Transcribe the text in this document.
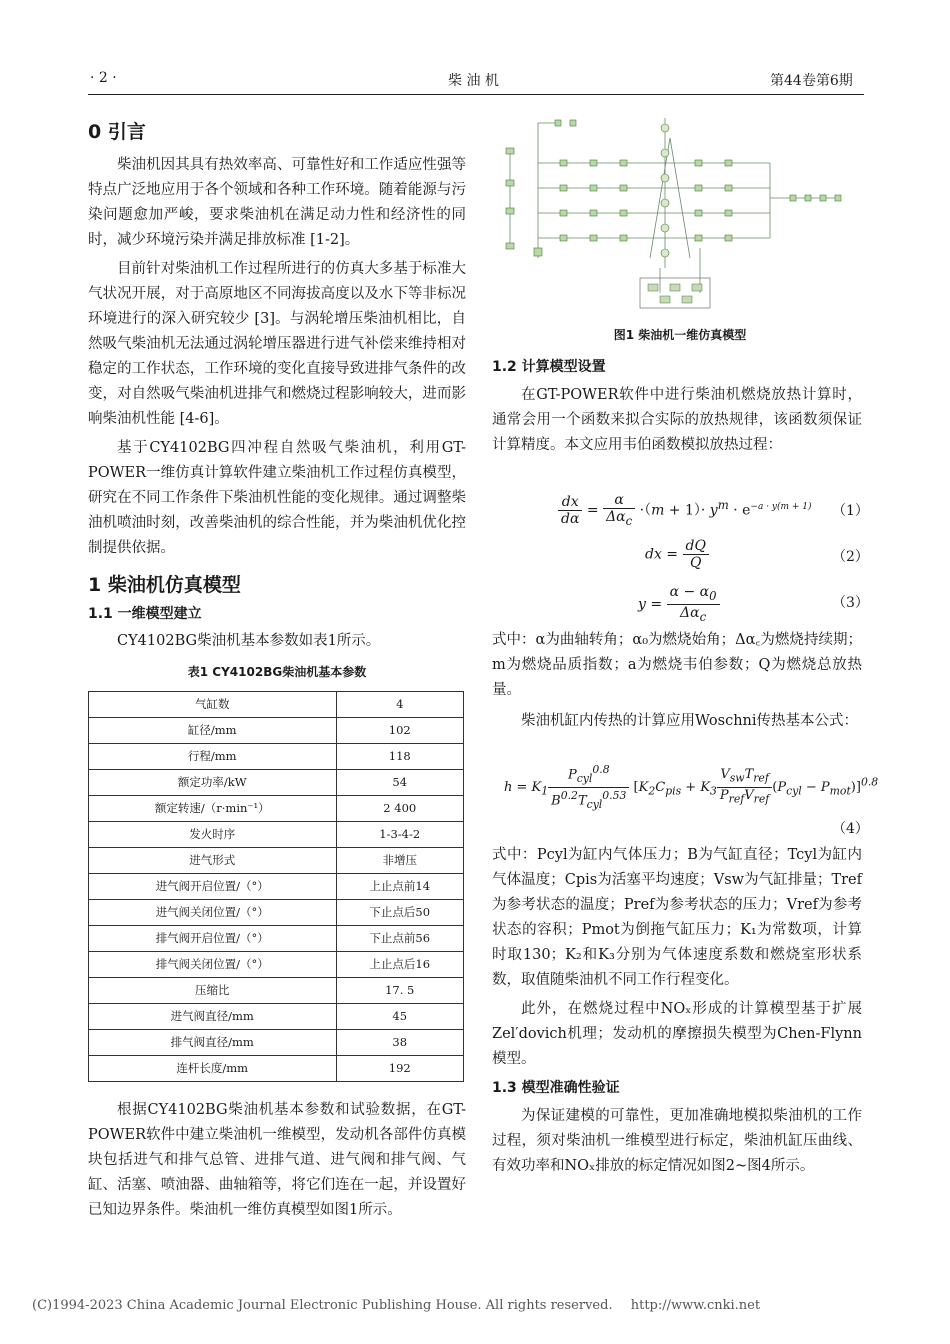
· 2 ·	柴 油 机	第44卷第6期
0 引言

柴油机因其具有热效率高、可靠性好和工作适应性强等特点广泛地应用于各个领域和各种工作环境。随着能源与污染问题愈加严峻，要求柴油机在满足动力性和经济性的同时，减少环境污染并满足排放标准 [1-2]。

目前针对柴油机工作过程所进行的仿真大多基于标准大气状况开展，对于高原地区不同海拔高度以及水下等非标况环境进行的深入研究较少 [3]。与涡轮增压柴油机相比，自然吸气柴油机无法通过涡轮增压器进行进气补偿来维持相对稳定的工作状态，工作环境的变化直接导致进排气条件的改变，对自然吸气柴油机进排气和燃烧过程影响较大，进而影响柴油机性能 [4-6]。

基于CY4102BG四冲程自然吸气柴油机，利用GT-POWER一维仿真计算软件建立柴油机工作过程仿真模型，研究在不同工作条件下柴油机性能的变化规律。通过调整柴油机喷油时刻，改善柴油机的综合性能，并为柴油机优化控制提供依据。

1 柴油机仿真模型
1.1 一维模型建立

CY4102BG柴油机基本参数如表1所示。

表1 CY4102BG柴油机基本参数
气缸数	4
缸径/mm	102
行程/mm	118
额定功率/kW	54
额定转速/（r·min⁻¹）	2 400
发火时序	1-3-4-2
进气形式	非增压
进气阀开启位置/（°）	上止点前14
进气阀关闭位置/（°）	下止点后50
排气阀开启位置/（°）	下止点前56
排气阀关闭位置/（°）	上止点后16
压缩比	17. 5
进气阀直径/mm	45
排气阀直径/mm	38
连杆长度/mm	192

根据CY4102BG柴油机基本参数和试验数据，在GT-POWER软件中建立柴油机一维模型，发动机各部件仿真模块包括进气和排气总管、进排气道、进气阀和排气阀、气缸、活塞、喷油器、曲轴箱等，将它们连在一起，并设置好已知边界条件。柴油机一维仿真模型如图1所示。

图1 柴油机一维仿真模型
1.2 计算模型设置

在GT-POWER软件中进行柴油机燃烧放热计算时，通常会用一个函数来拟合实际的放热规律，该函数须保证计算精度。本文应用韦伯函数模拟放热过程：

$\frac{dx}{d\alpha} = \frac{\alpha}{\Delta\alpha_c} \cdot(m + 1)\cdot y^m \cdot e^{-a \cdot y(m + 1)}$ （1）
dx = $\frac{dQ}{Q}$	（2）
$y = \frac{\alpha - \alpha_0}{\Delta\alpha_c}$	（3）

式中：α为曲轴转角；α₀为燃烧始角；Δα꜀为燃烧持续期；m为燃烧品质指数；a为燃烧韦伯参数；Q为燃烧总放热量。

柴油机缸内传热的计算应用Woschni传热基本公式：

$h = K_1 \frac{P_{cyl}^{0.8}}{B^{0.2}T_{cyl}^{0.53}} [K_2C_{pis} + K_3 \frac{V_{sw}T_{ref}}{P_{ref}V_{ref}} (P_{cyl} - P_{mot})]^{0.8}$
（4）

式中：Pcyl为缸内气体压力；B为气缸直径；Tcyl为缸内气体温度；Cpis为活塞平均速度；Vsw为气缸排量；Tref为参考状态的温度；Pref为参考状态的压力；Vref为参考状态的容积；Pmot为倒拖气缸压力；K₁为常数项，计算时取130；K₂和K₃分别为气体速度系数和燃烧室形状系数，取值随柴油机不同工作行程变化。

此外，在燃烧过程中NOₓ形成的计算模型基于扩展Zel′dovich机理；发动机的摩擦损失模型为Chen-Flynn模型。

1.3 模型准确性验证

为保证建模的可靠性，更加准确地模拟柴油机的工作过程，须对柴油机一维模型进行标定，柴油机缸压曲线、有效功率和NOₓ排放的标定情况如图2~图4所示。

(C)1994-2023 China Academic Journal Electronic Publishing House. All rights reserved. http://www.cnki.net
